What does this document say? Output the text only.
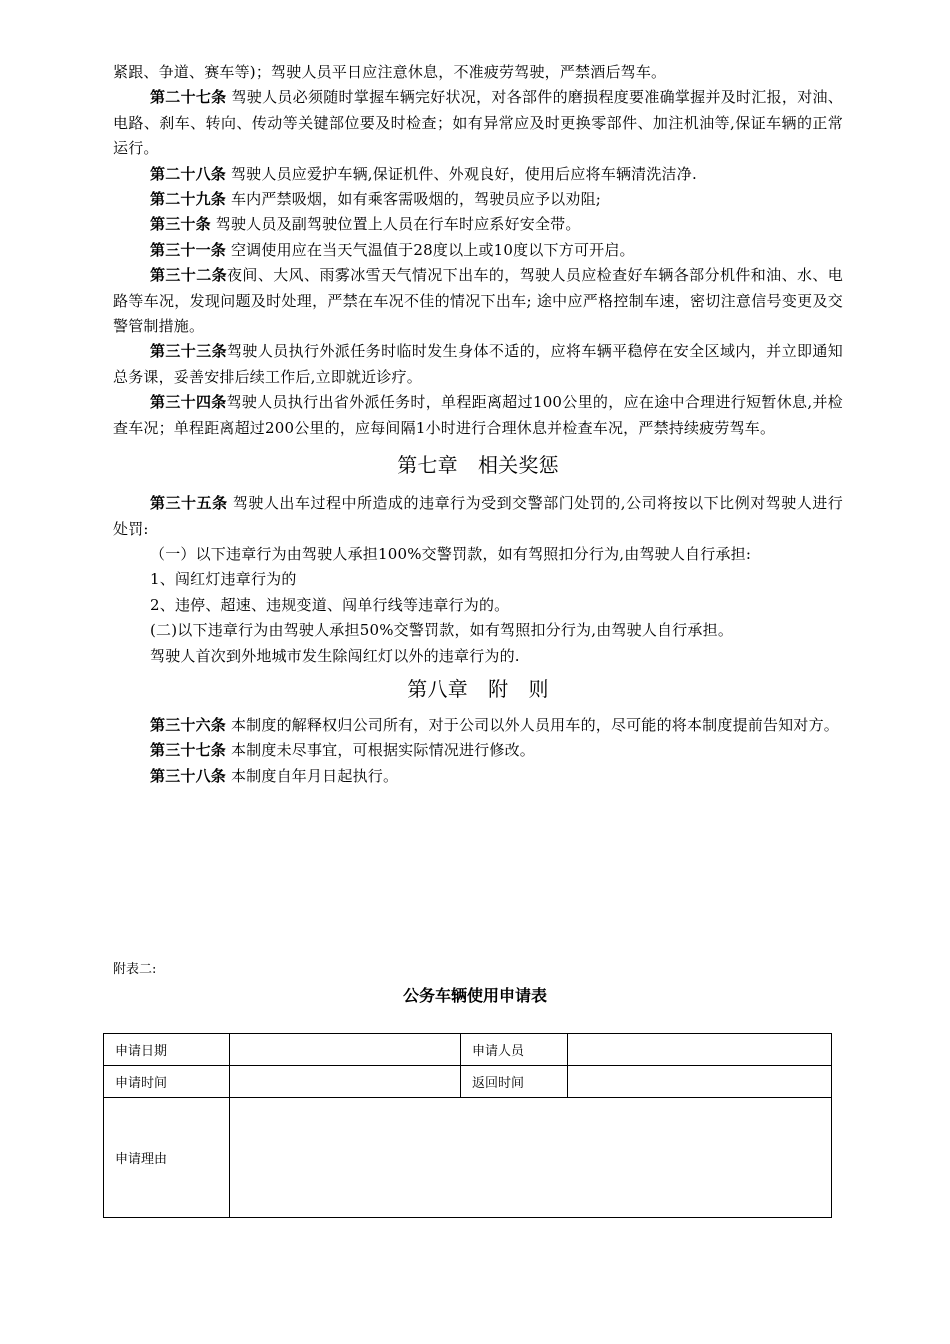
紧跟、争道、赛车等)；驾驶人员平日应注意休息，不准疲劳驾驶，严禁酒后驾车。

第二十七条 驾驶人员必须随时掌握车辆完好状况，对各部件的磨损程度要准确掌握并及时汇报，对油、电路、刹车、转向、传动等关键部位要及时检查；如有异常应及时更换零部件、加注机油等,保证车辆的正常运行。

第二十八条 驾驶人员应爱护车辆,保证机件、外观良好，使用后应将车辆清洗洁净.

第二十九条 车内严禁吸烟，如有乘客需吸烟的，驾驶员应予以劝阻;

第三十条 驾驶人员及副驾驶位置上人员在行车时应系好安全带。

第三十一条 空调使用应在当天气温值于28度以上或10度以下方可开启。

第三十二条夜间、大风、雨雾冰雪天气情况下出车的，驾驶人员应检查好车辆各部分机件和油、水、电路等车况，发现问题及时处理，严禁在车况不佳的情况下出车; 途中应严格控制车速，密切注意信号变更及交警管制措施。

第三十三条驾驶人员执行外派任务时临时发生身体不适的，应将车辆平稳停在安全区域内，并立即通知总务课，妥善安排后续工作后,立即就近诊疗。

第三十四条驾驶人员执行出省外派任务时，单程距离超过100公里的，应在途中合理进行短暂休息,并检查车况；单程距离超过200公里的，应每间隔1小时进行合理休息并检查车况，严禁持续疲劳驾车。

第七章　相关奖惩

第三十五条 驾驶人出车过程中所造成的违章行为受到交警部门处罚的,公司将按以下比例对驾驶人进行处罚:

（一）以下违章行为由驾驶人承担100%交警罚款，如有驾照扣分行为,由驾驶人自行承担:

1、闯红灯违章行为的

2、违停、超速、违规变道、闯单行线等违章行为的。

(二)以下违章行为由驾驶人承担50%交警罚款，如有驾照扣分行为,由驾驶人自行承担。

驾驶人首次到外地城市发生除闯红灯以外的违章行为的.

第八章　附　则

第三十六条 本制度的解释权归公司所有，对于公司以外人员用车的，尽可能的将本制度提前告知对方。

第三十七条 本制度未尽事宜，可根据实际情况进行修改。

第三十八条 本制度自年月日起执行。

附表二:
公务车辆使用申请表
申请日期		申请人员	
申请时间		返回时间	
申请理由			
